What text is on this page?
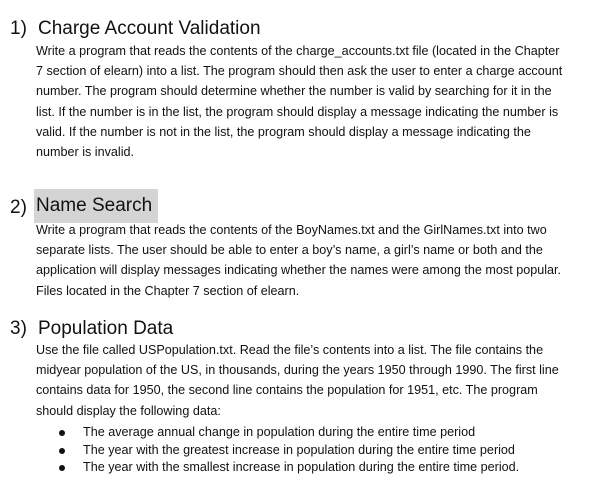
1) Charge Account Validation

Write a program that reads the contents of the charge_accounts.txt file (located in the Chapter
7 section of elearn) into a list. The program should then ask the user to enter a charge account
number. The program should determine whether the number is valid by searching for it in the
list. If the number is in the list, the program should display a message indicating the number is
valid. If the number is not in the list, the program should display a message indicating the
number is invalid.

2) Name Search

Write a program that reads the contents of the BoyNames.txt and the GirlNames.txt into two
separate lists. The user should be able to enter a boy’s name, a girl’s name or both and the
application will display messages indicating whether the names were among the most popular.
Files located in the Chapter 7 section of elearn.

3) Population Data

Use the file called USPopulation.txt. Read the file’s contents into a list. The file contains the
midyear population of the US, in thousands, during the years 1950 through 1990. The first line
contains data for 1950, the second line contains the population for 1951, etc. The program
should display the following data:

The average annual change in population during the entire time period
The year with the greatest increase in population during the entire time period
The year with the smallest increase in population during the entire time period.
